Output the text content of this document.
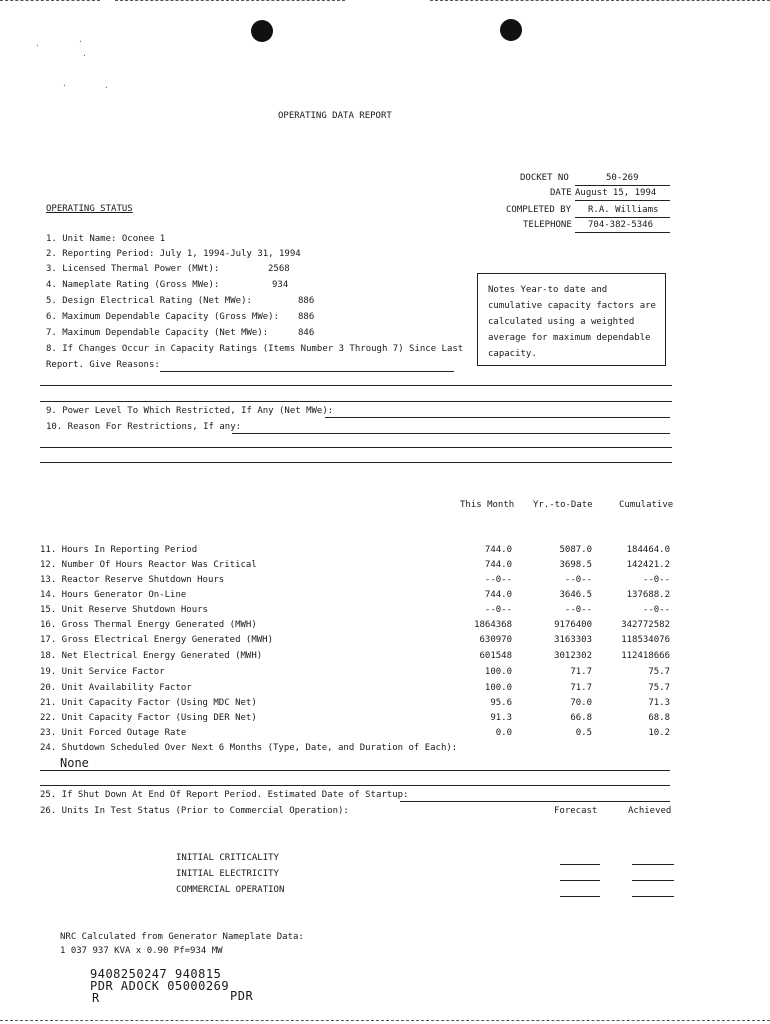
·	·
·
·	·
OPERATING DATA REPORT
DOCKET NO	50-269
DATE August 15, 1994
COMPLETED BY R.A. Williams
TELEPHONE 704-382-5346
OPERATING STATUS
1. Unit Name: Oconee 1
2. Reporting Period: July 1, 1994-July 31, 1994
3. Licensed Thermal Power (MWt):	2568
4. Nameplate Rating (Gross MWe):	934
5. Design Electrical Rating (Net MWe):	886
6. Maximum Dependable Capacity (Gross MWe): 886
7. Maximum Dependable Capacity (Net MWe):	846
8. If Changes Occur in Capacity Ratings (Items Number 3 Through 7) Since Last
Report. Give Reasons:
Notes Year-to date and cumulative capacity factors are calculated using a weighted average for maximum dependable capacity.
9. Power Level To Which Restricted, If Any (Net MWe):
10. Reason For Restrictions, If any:
This Month Yr.-to-Date	Cumulative
11. Hours In Reporting Period	744.0	5087.0	184464.0
12. Number Of Hours Reactor Was Critical	744.0	3698.5	142421.2
13. Reactor Reserve Shutdown Hours	--0--	--0--	--0--
14. Hours Generator On-Line	744.0	3646.5	137688.2
15. Unit Reserve Shutdown Hours	--0--	--0--	--0--
16. Gross Thermal Energy Generated (MWH)	1864368	9176400	342772582
17. Gross Electrical Energy Generated (MWH)	630970	3163303	118534076
18. Net Electrical Energy Generated (MWH)	601548	3012302	112418666
19. Unit Service Factor	100.0	71.7	75.7
20. Unit Availability Factor	100.0	71.7	75.7
21. Unit Capacity Factor (Using MDC Net)	95.6	70.0	71.3
22. Unit Capacity Factor (Using DER Net)	91.3	66.8	68.8
23. Unit Forced Outage Rate	0.0	0.5	10.2
24. Shutdown Scheduled Over Next 6 Months (Type, Date, and Duration of Each):
None
25. If Shut Down At End Of Report Period. Estimated Date of Startup:
26. Units In Test Status (Prior to Commercial Operation):	Forecast	Achieved
INITIAL CRITICALITY
INITIAL ELECTRICITY
COMMERCIAL OPERATION
NRC Calculated from Generator Nameplate Data:
1 037 937 KVA x 0.90 Pf=934 MW
9408250247 940815
PDR ADOCK 05000269
R	PDR
